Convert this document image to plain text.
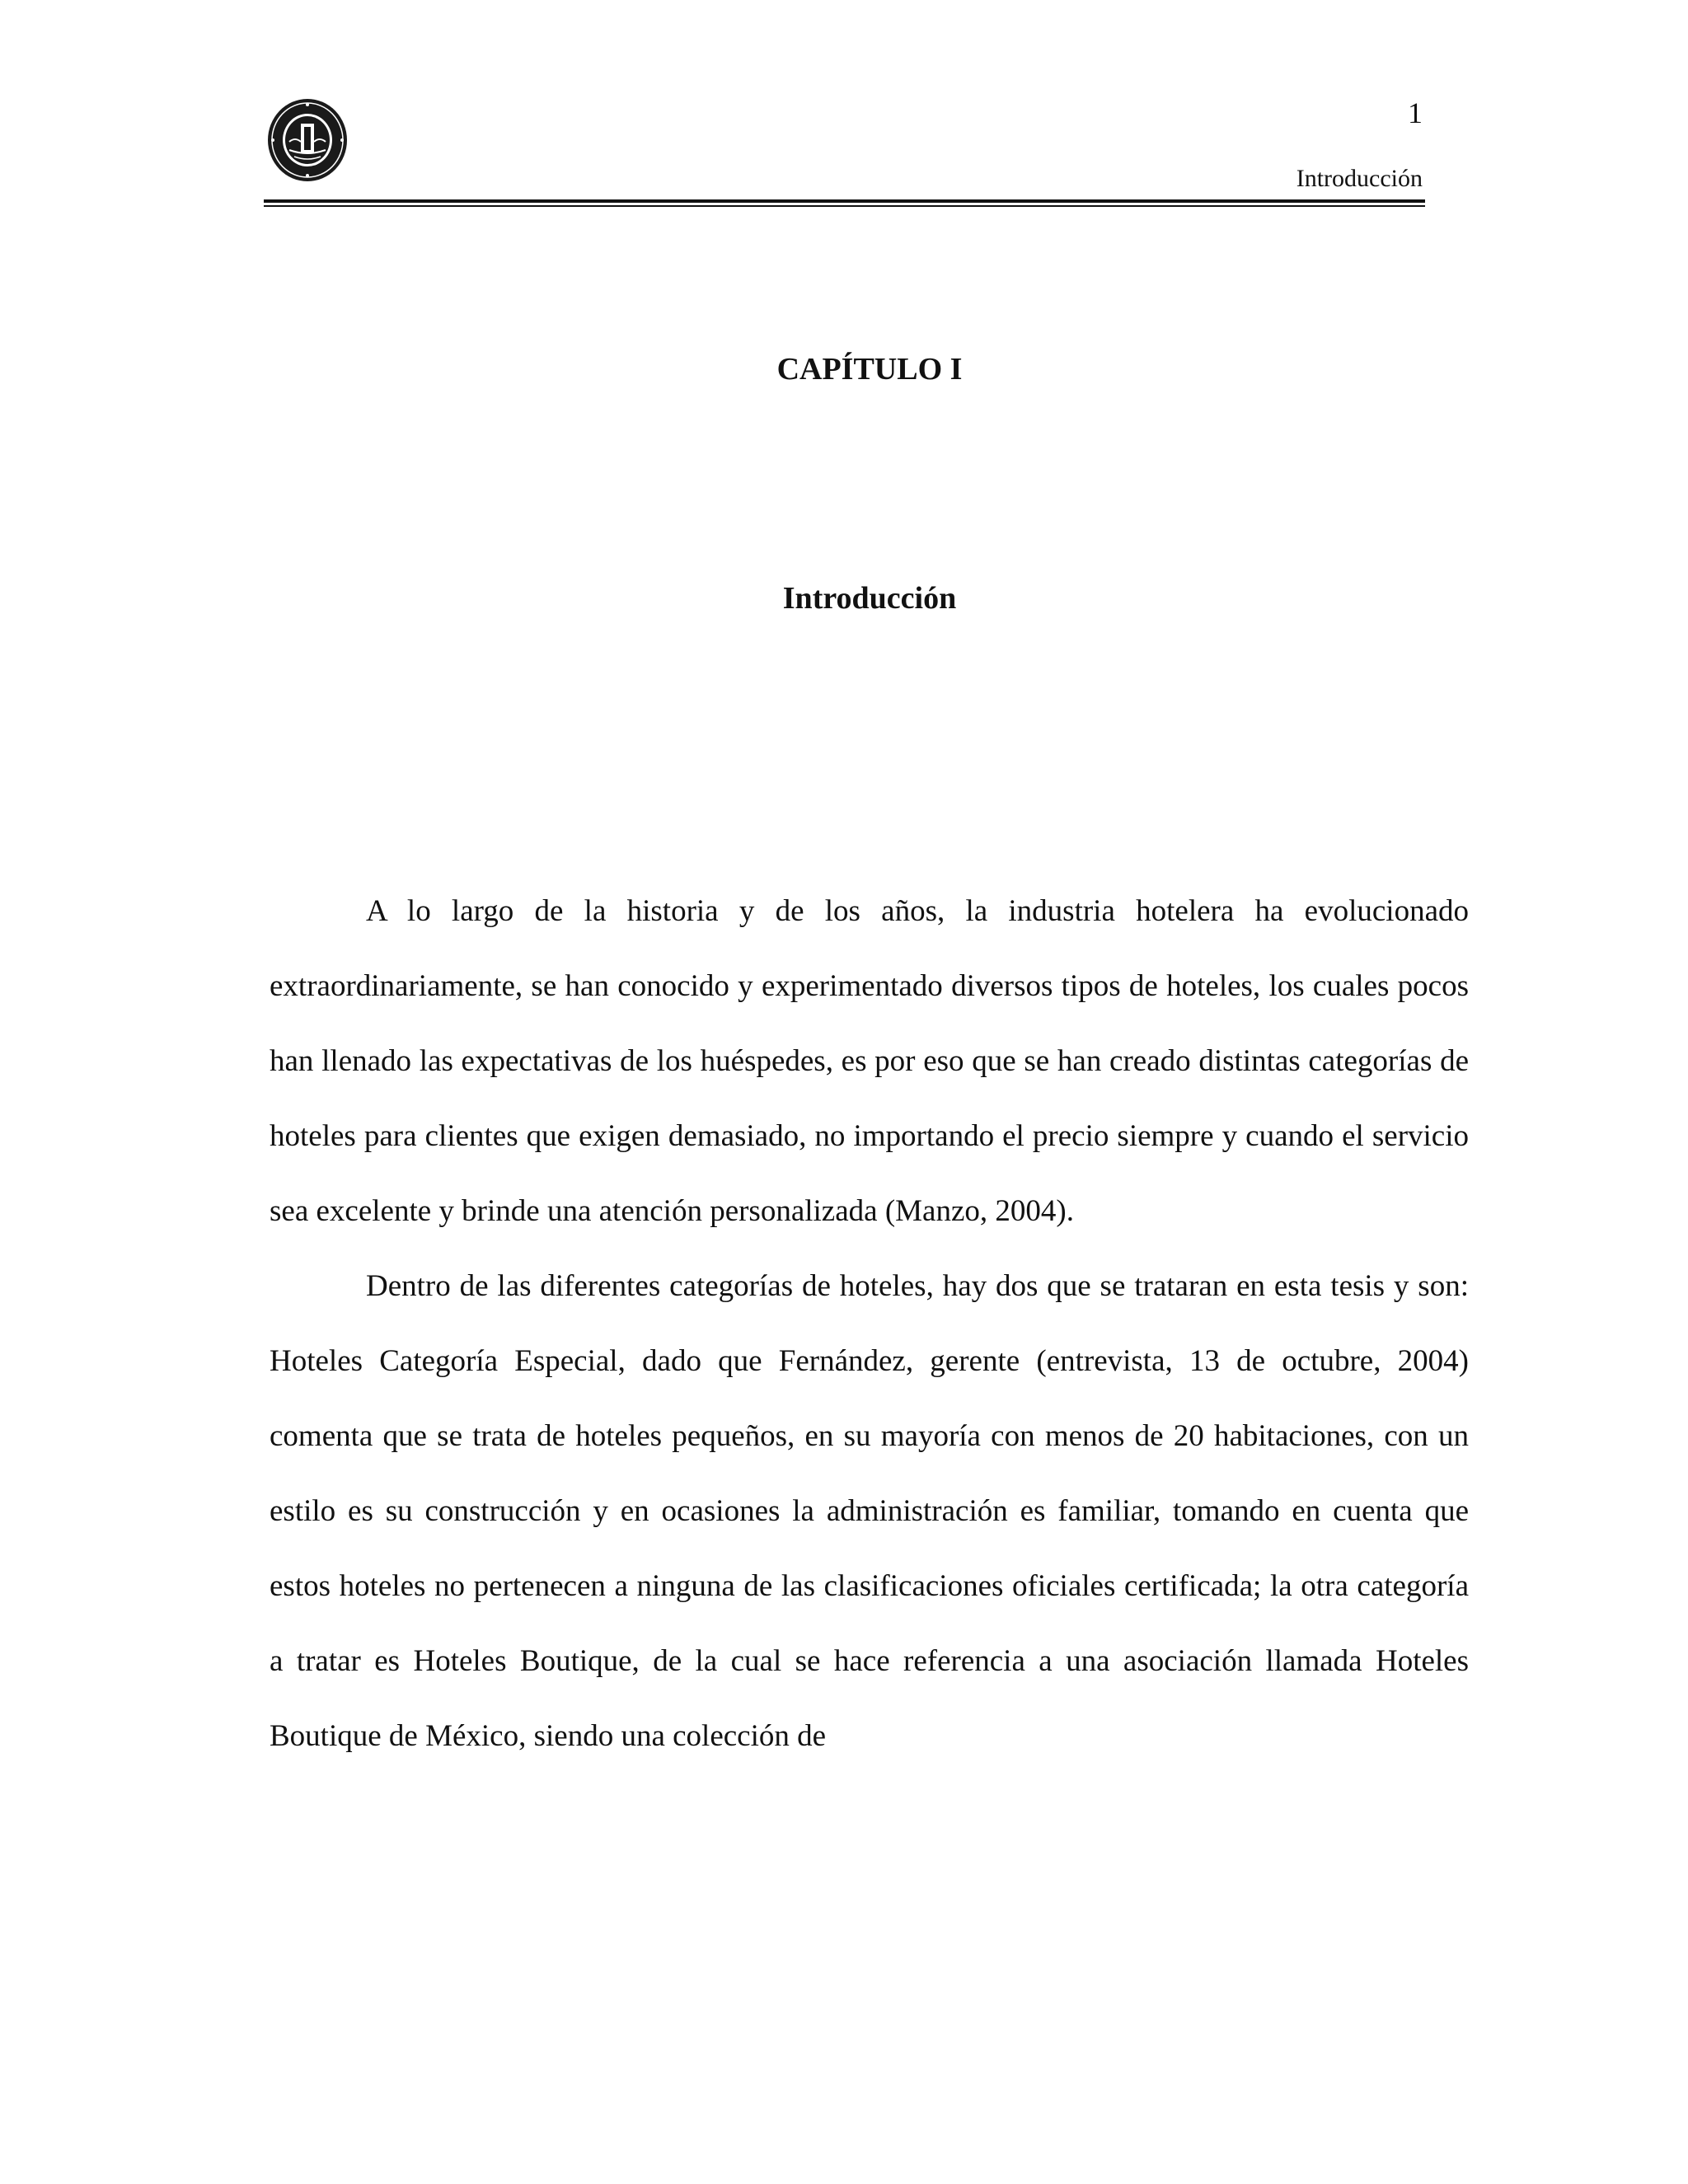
1
Introducción
CAPÍTULO I
Introducción

A lo largo de la historia y de los años, la industria hotelera ha evolucionado extraordinariamente, se han conocido y experimentado diversos tipos de hoteles, los cuales pocos han llenado las expectativas de los huéspedes, es por eso que se han creado distintas categorías de hoteles para clientes que exigen demasiado, no importando el precio siempre y cuando el servicio sea excelente y brinde una atención personalizada (Manzo, 2004).

Dentro de las diferentes categorías de hoteles, hay dos que se trataran en esta tesis y son: Hoteles Categoría Especial, dado que Fernández, gerente (entrevista, 13 de octubre, 2004) comenta que se trata de hoteles pequeños, en su mayoría con menos de 20 habitaciones, con un estilo es su construcción y en ocasiones la administración es familiar, tomando en cuenta que estos hoteles no pertenecen a ninguna de las clasificaciones oficiales certificada; la otra categoría a tratar es Hoteles Boutique, de la cual se hace referencia a una asociación llamada Hoteles Boutique de México, siendo una colección de
